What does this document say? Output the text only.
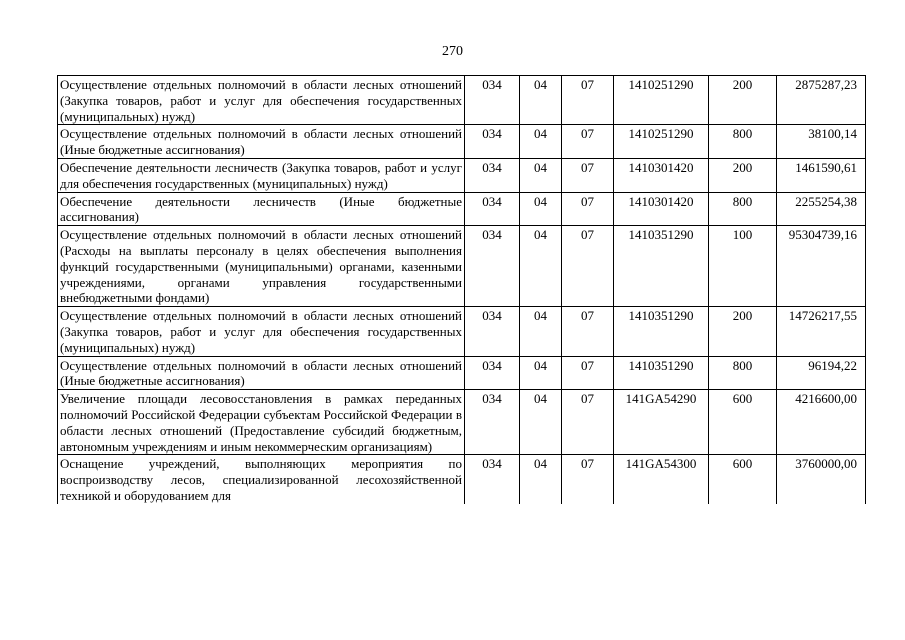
270
Осуществление отдельных полномочий в области лесных отношений (Закупка товаров, работ и услуг для обеспечения государственных (муниципальных) нужд)	034	04	07	1410251290	200	2875287,23
Осуществление отдельных полномочий в области лесных отношений (Иные бюджетные ассигнования)	034	04	07	1410251290	800	38100,14
Обеспечение деятельности лесничеств (Закупка товаров, работ и услуг для обеспечения государственных (муниципальных) нужд)	034	04	07	1410301420	200	1461590,61
Обеспечение деятельности лесничеств (Иные бюджетные ассигнования)	034	04	07	1410301420	800	2255254,38
Осуществление отдельных полномочий в области лесных отношений (Расходы на выплаты персоналу в целях обеспечения выполнения функций государственными (муниципальными) органами, казенными учреждениями, органами управления государственными внебюджетными фондами)	034	04	07	1410351290	100	95304739,16
Осуществление отдельных полномочий в области лесных отношений (Закупка товаров, работ и услуг для обеспечения государственных (муниципальных) нужд)	034	04	07	1410351290	200	14726217,55
Осуществление отдельных полномочий в области лесных отношений (Иные бюджетные ассигнования)	034	04	07	1410351290	800	96194,22
Увеличение площади лесовосстановления в рамках переданных полномочий Российской Федерации субъектам Российской Федерации в области лесных отношений (Предоставление субсидий бюджетным, автономным учреждениям и иным некоммерческим организациям)	034	04	07	141GA54290	600	4216600,00
Оснащение учреждений, выполняющих мероприятия по воспроизводству лесов, специализированной лесохозяйственной техникой и оборудованием для	034	04	07	141GA54300	600	3760000,00
